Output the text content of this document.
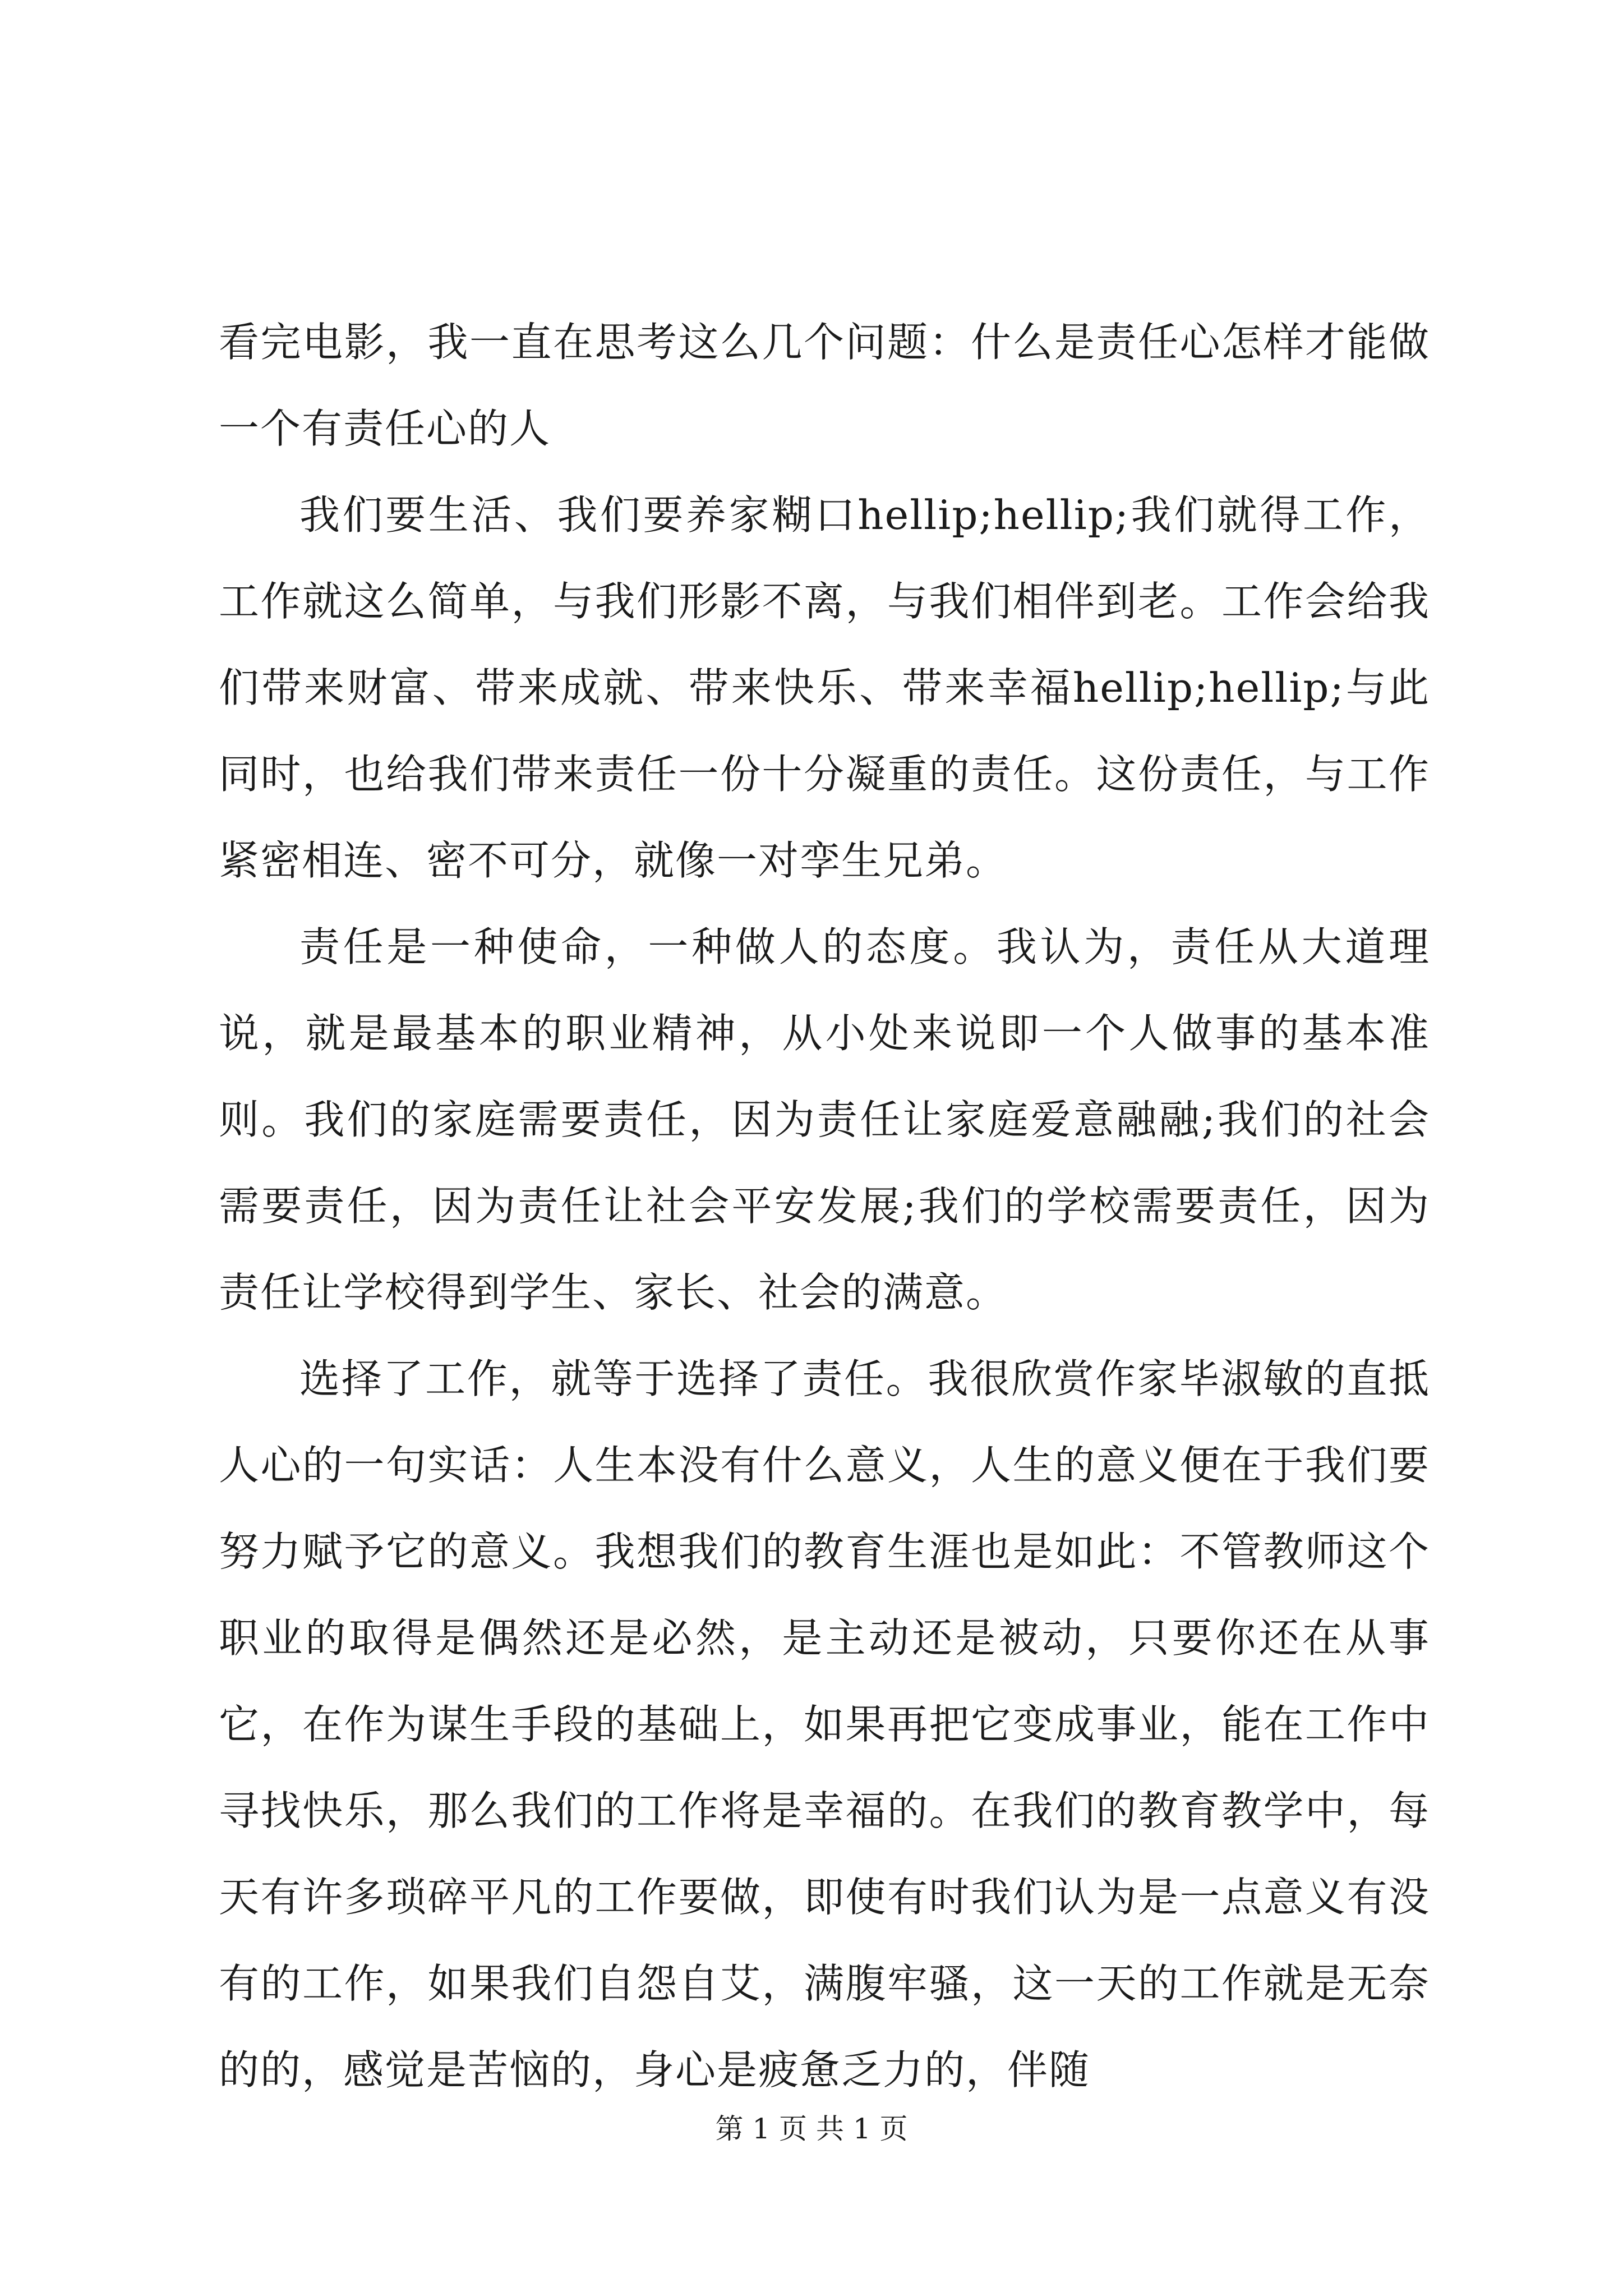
看完电影，我一直在思考这么几个问题：什么是责任心怎样才能做一个有责任心的人

我们要生活、我们要养家糊口hellip;hellip;我们就得工作，工作就这么简单，与我们形影不离，与我们相伴到老。工作会给我们带来财富、带来成就、带来快乐、带来幸福hellip;hellip;与此同时，也给我们带来责任一份十分凝重的责任。这份责任，与工作紧密相连、密不可分，就像一对孪生兄弟。

责任是一种使命，一种做人的态度。我认为，责任从大道理说，就是最基本的职业精神，从小处来说即一个人做事的基本准则。我们的家庭需要责任，因为责任让家庭爱意融融;我们的社会需要责任，因为责任让社会平安发展;我们的学校需要责任，因为责任让学校得到学生、家长、社会的满意。

选择了工作，就等于选择了责任。我很欣赏作家毕淑敏的直抵人心的一句实话：人生本没有什么意义，人生的意义便在于我们要努力赋予它的意义。我想我们的教育生涯也是如此：不管教师这个职业的取得是偶然还是必然，是主动还是被动，只要你还在从事它，在作为谋生手段的基础上，如果再把它变成事业，能在工作中寻找快乐，那么我们的工作将是幸福的。在我们的教育教学中，每天有许多琐碎平凡的工作要做，即使有时我们认为是一点意义有没有的工作，如果我们自怨自艾，满腹牢骚，这一天的工作就是无奈的的，感觉是苦恼的，身心是疲惫乏力的，伴随

第 1 页 共 1 页
